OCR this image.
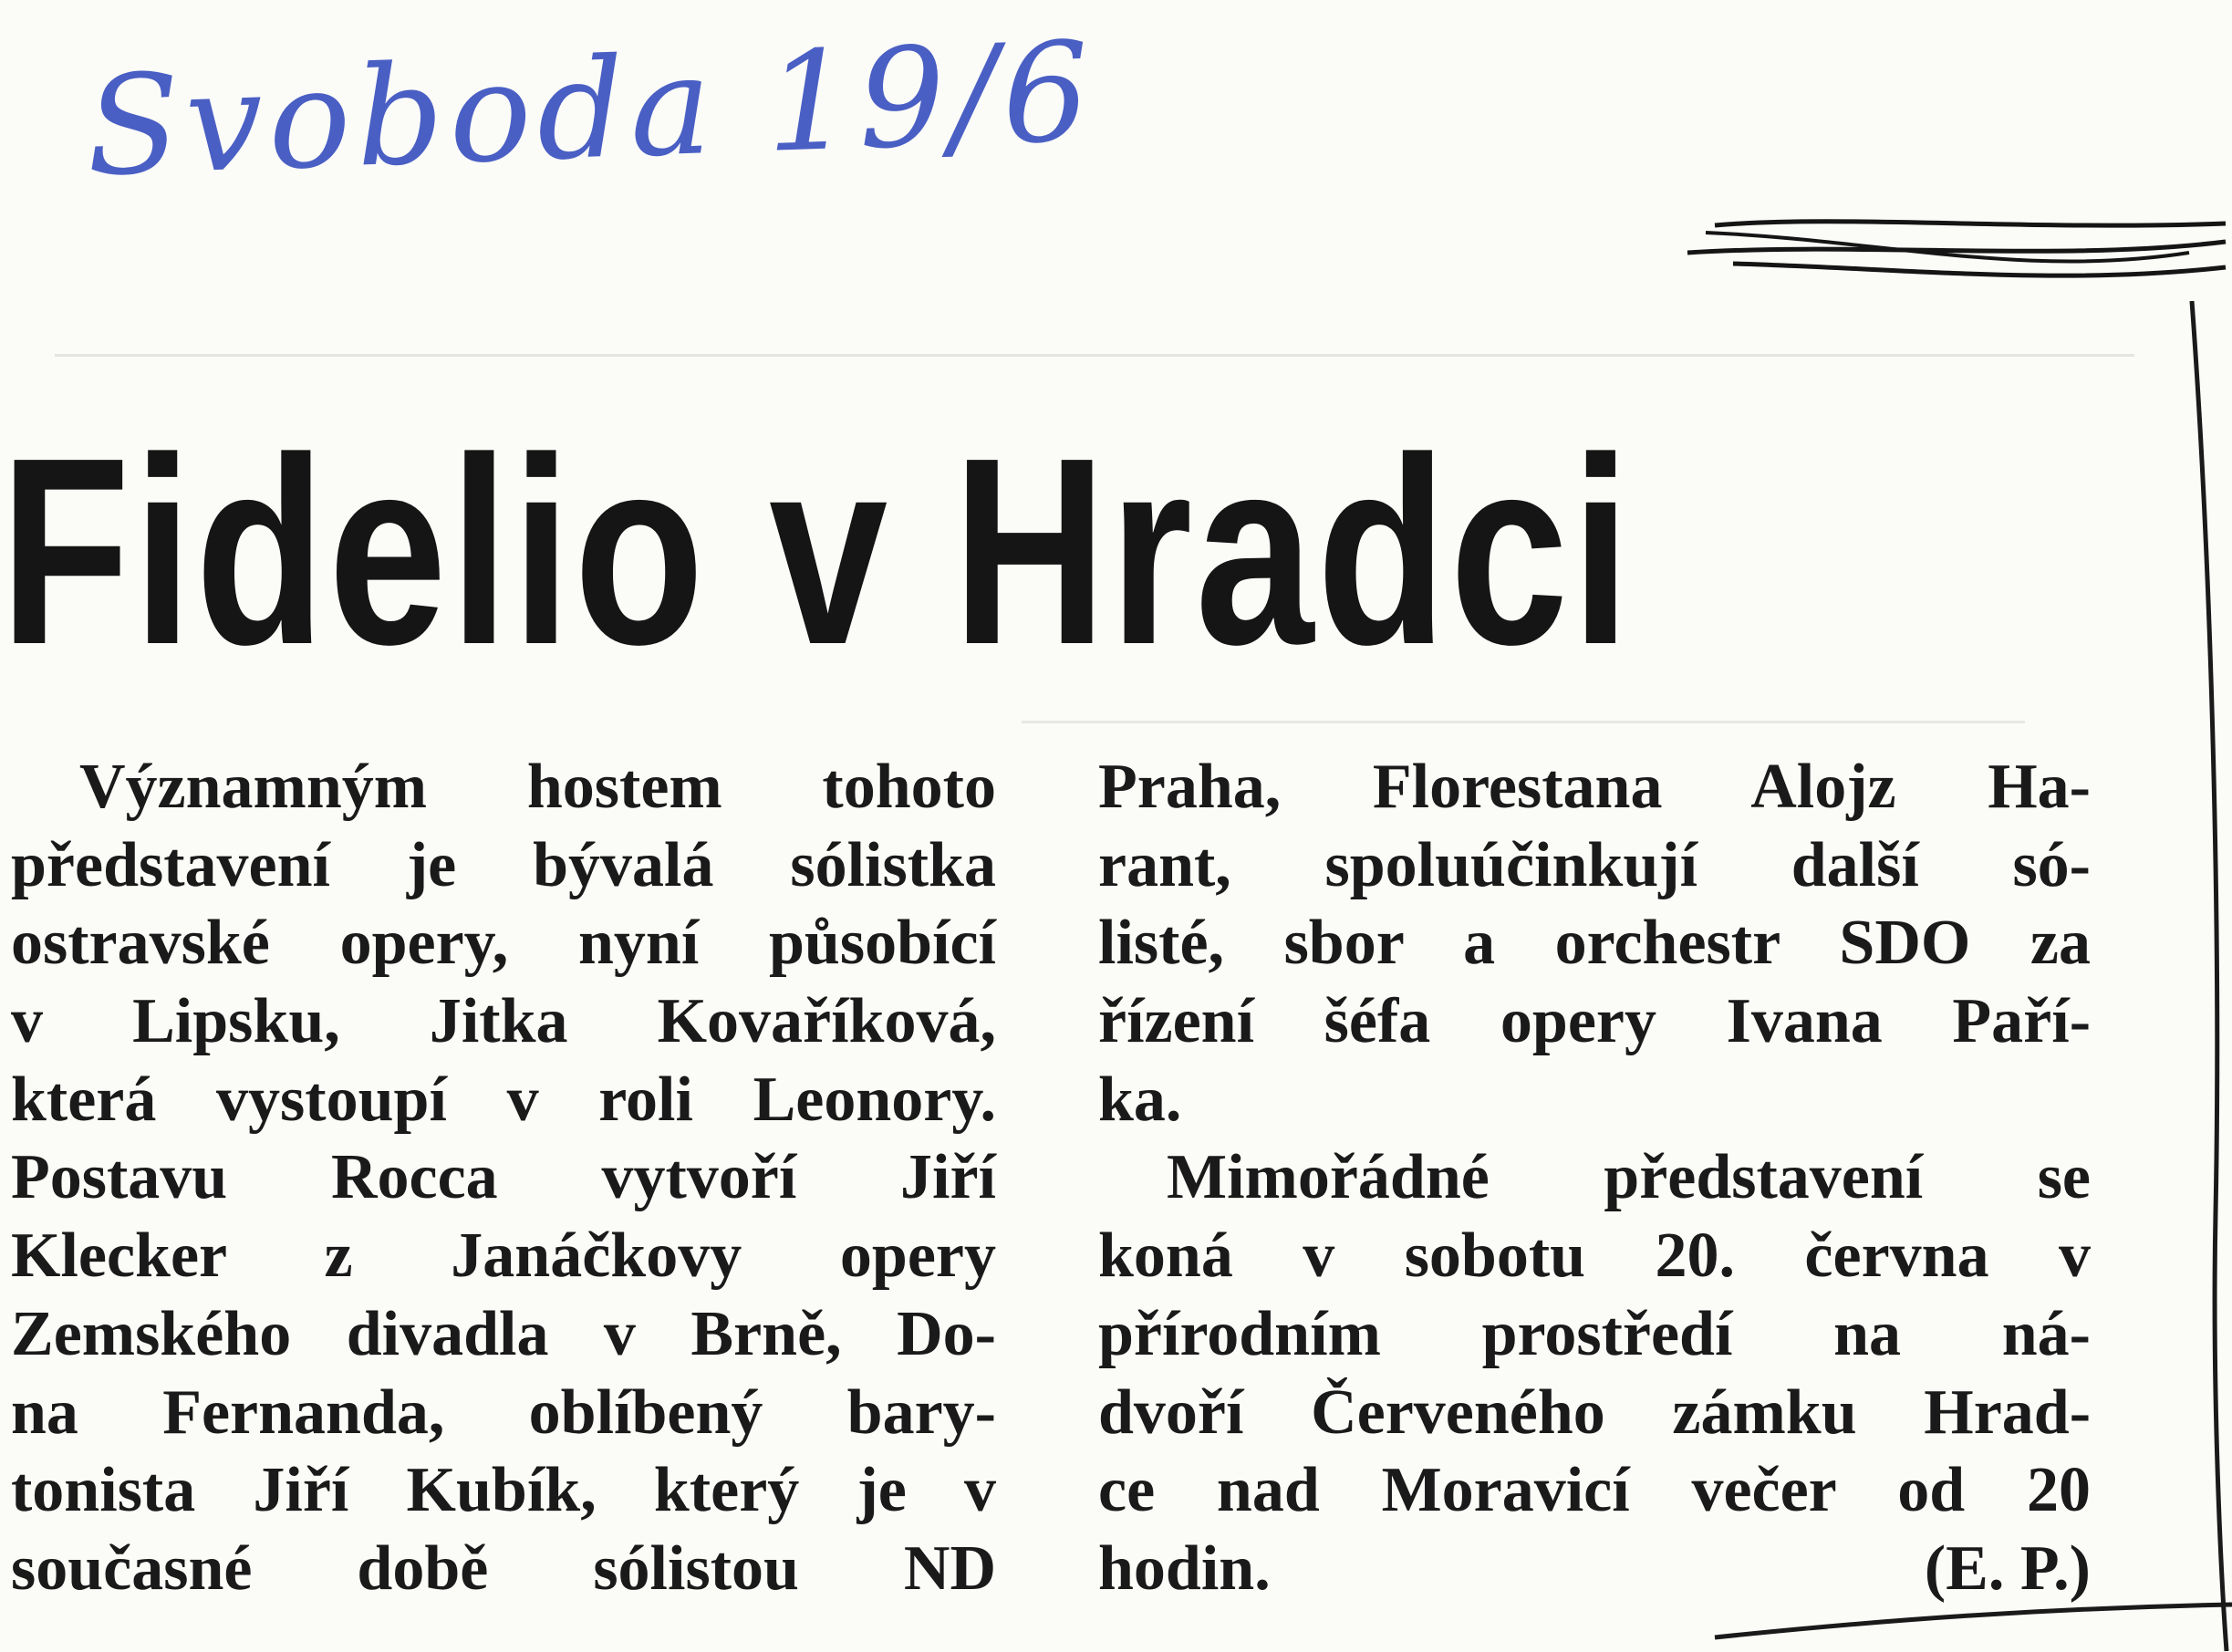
Svoboda 19/6
Fidelio v Hradci
Významným hostem tohoto
představení je bývalá sólistka
ostravské opery, nyní působící
v Lipsku, Jitka Kovaříková,
která vystoupí v roli Leonory.
Postavu Rocca vytvoří Jiří
Klecker z Janáčkovy opery
Zemského divadla v Brně, Do-
na Fernanda, oblíbený bary-
tonista Jiří Kubík, který je v
současné době sólistou ND
Praha, Florestana Alojz Ha-
rant, spoluúčinkují další só-
listé, sbor a orchestr SDO za
řízení šéfa opery Ivana Paří-
ka.
Mimořádné představení se
koná v sobotu 20. června v
přírodním prostředí na ná-
dvoří Červeného zámku Hrad-
ce nad Moravicí večer od 20
hodin.	(E. P.)
